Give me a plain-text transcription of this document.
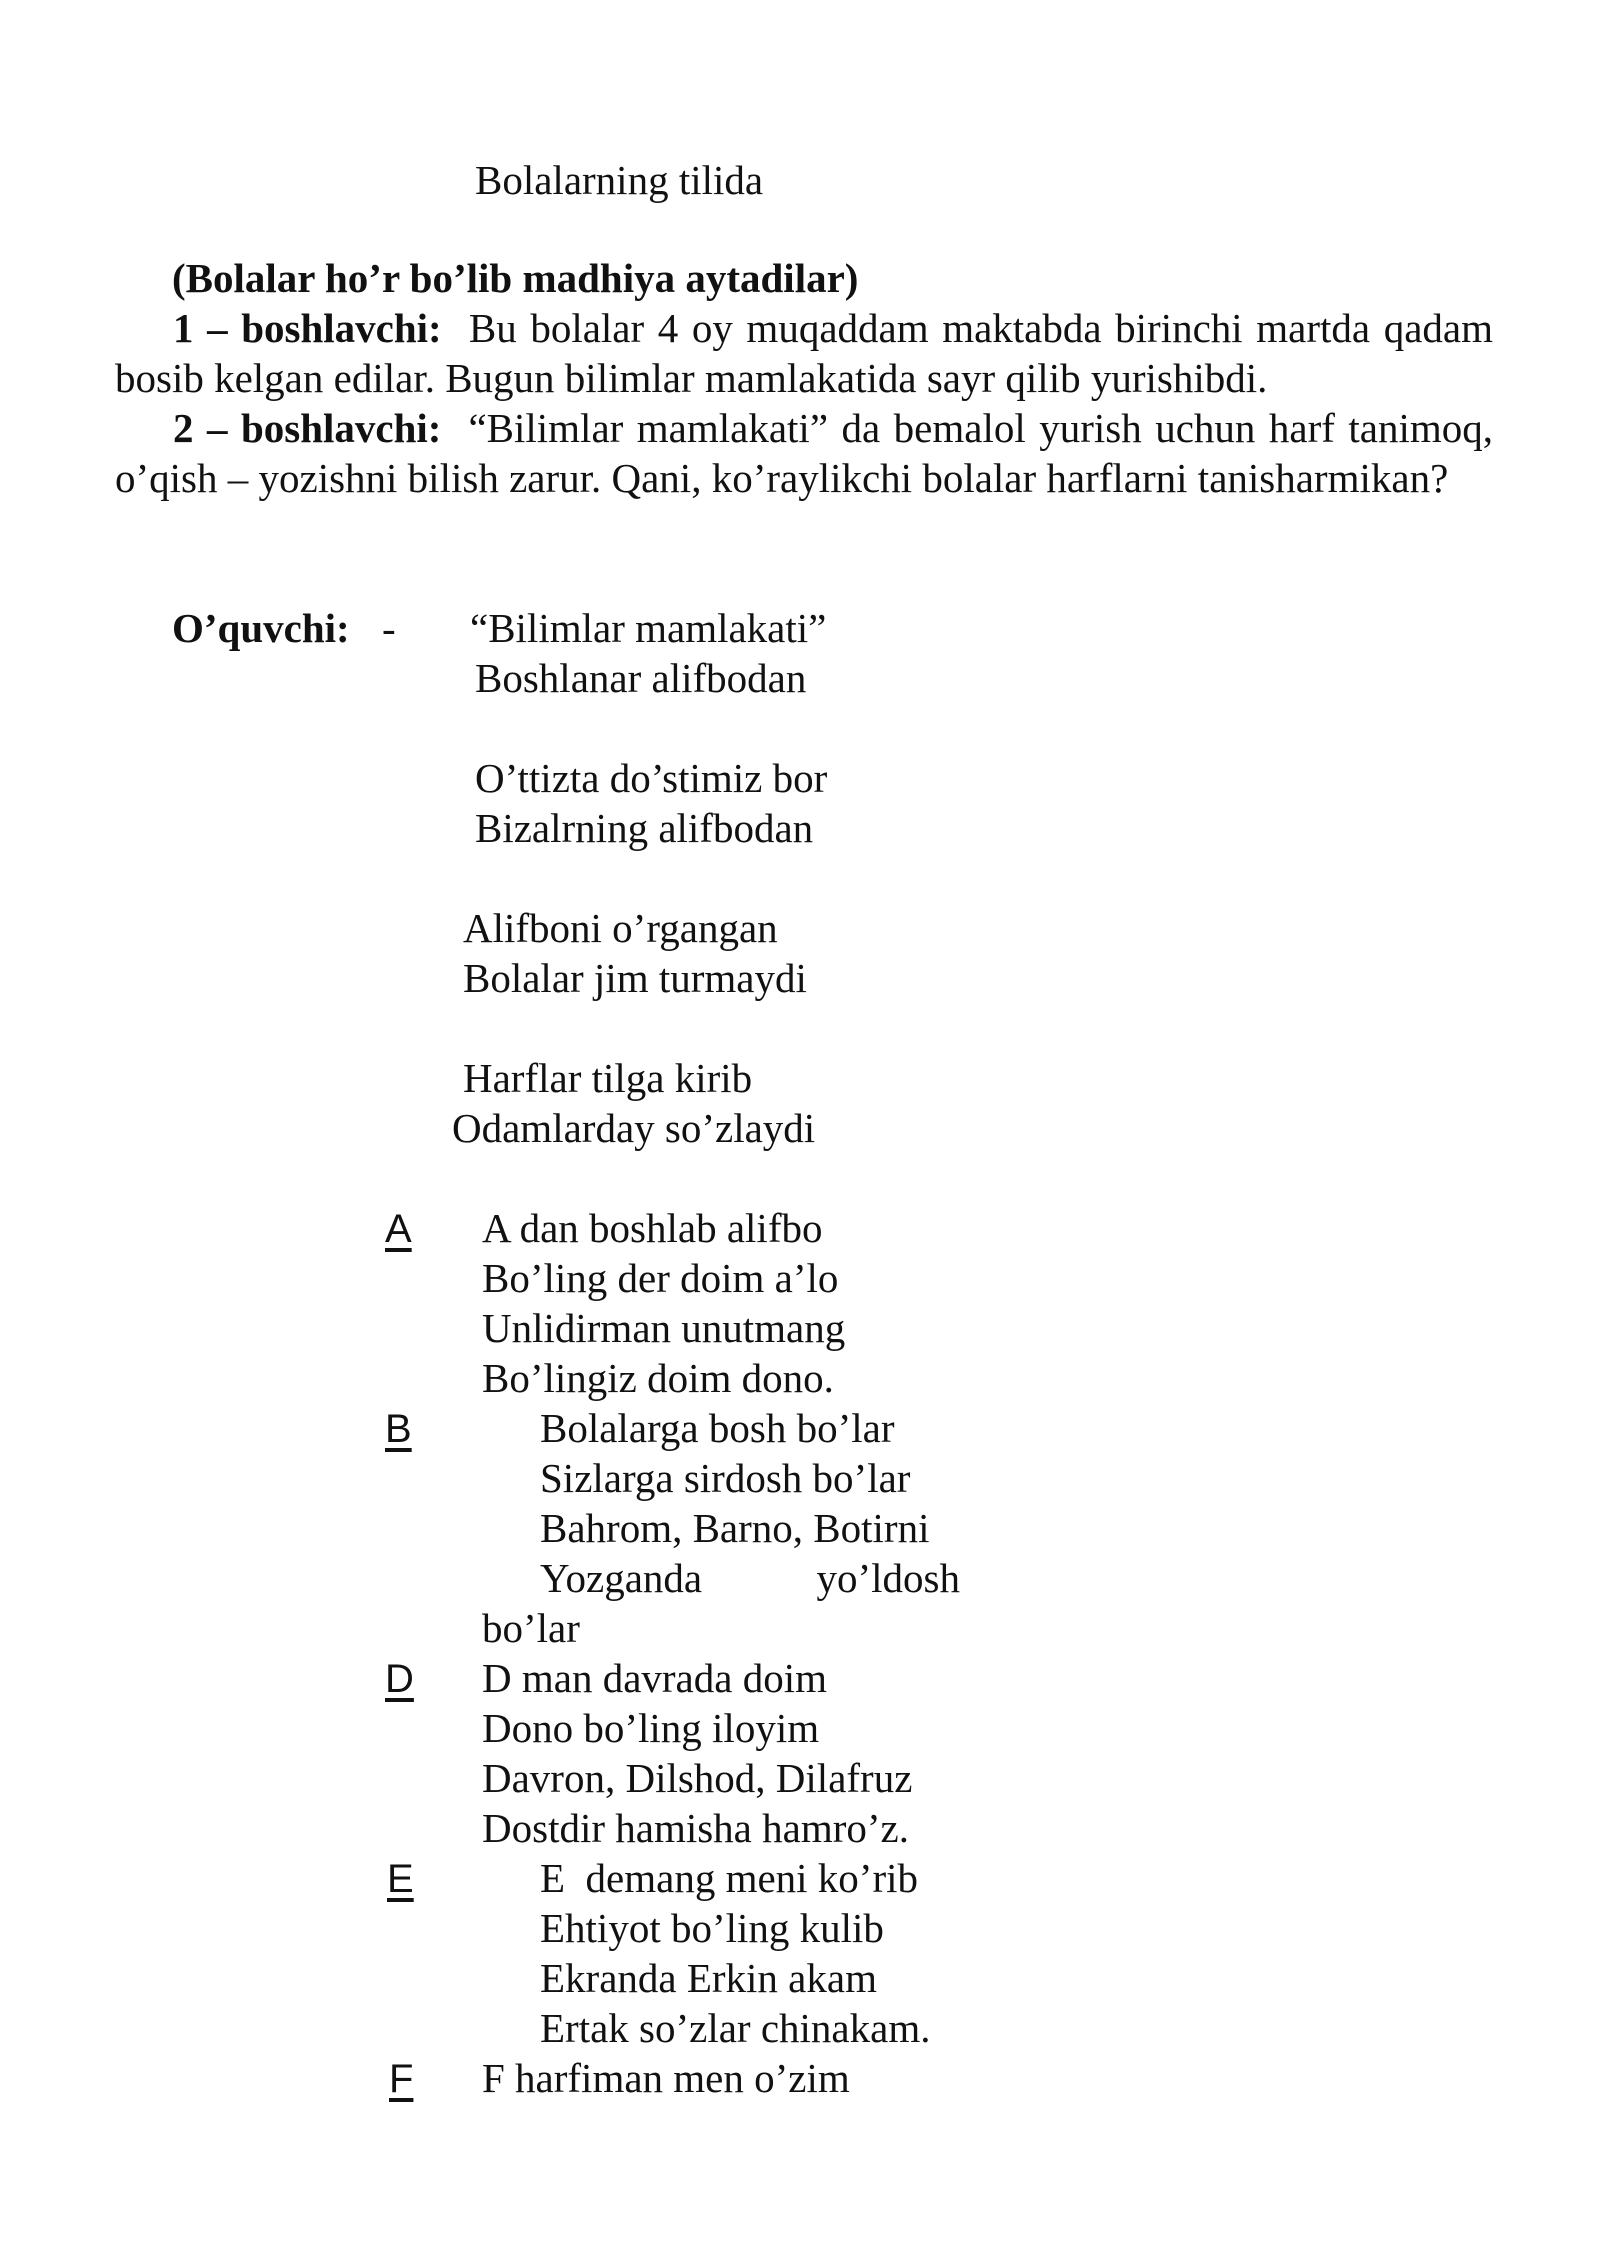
Bolalarning tilida
(Bolalar ho’r bo’lib madhiya aytadilar)
1 – boshlavchi: Bu bolalar 4 oy muqaddam maktabda birinchi martda qadam bosib kelgan edilar. Bugun bilimlar mamlakatida sayr qilib yurishibdi.
2 – boshlavchi: “Bilimlar mamlakati” da bemalol yurish uchun harf tanimoq, o’qish – yozishni bilish zarur. Qani, ko’raylikchi bolalar harflarni tanisharmikan?
O’quvchi: - “Bilimlar mamlakati”
Boshlanar alifbodan
O’ttizta do’stimiz bor
Bizalrning alifbodan
Alifboni o’rgangan
Bolalar jim turmaydi
Harflar tilga kirib
Odamlarday so’zlaydi
A A dan boshlab alifbo
Bo’ling der doim a’lo
Unlidirman unutmang
Bo’lingiz doim dono.
B	Bolalarga bosh bo’lar
Sizlarga sirdosh bo’lar
Bahrom, Barno, Botirni
Yozganda	yo’ldosh
bo’lar
D D man davrada doim
Dono bo’ling iloyim
Davron, Dilshod, Dilafruz
Dostdir hamisha hamro’z.
E	E  demang meni ko’rib
Ehtiyot bo’ling kulib
Ekranda Erkin akam
Ertak so’zlar chinakam.
F F harfiman men o’zim
